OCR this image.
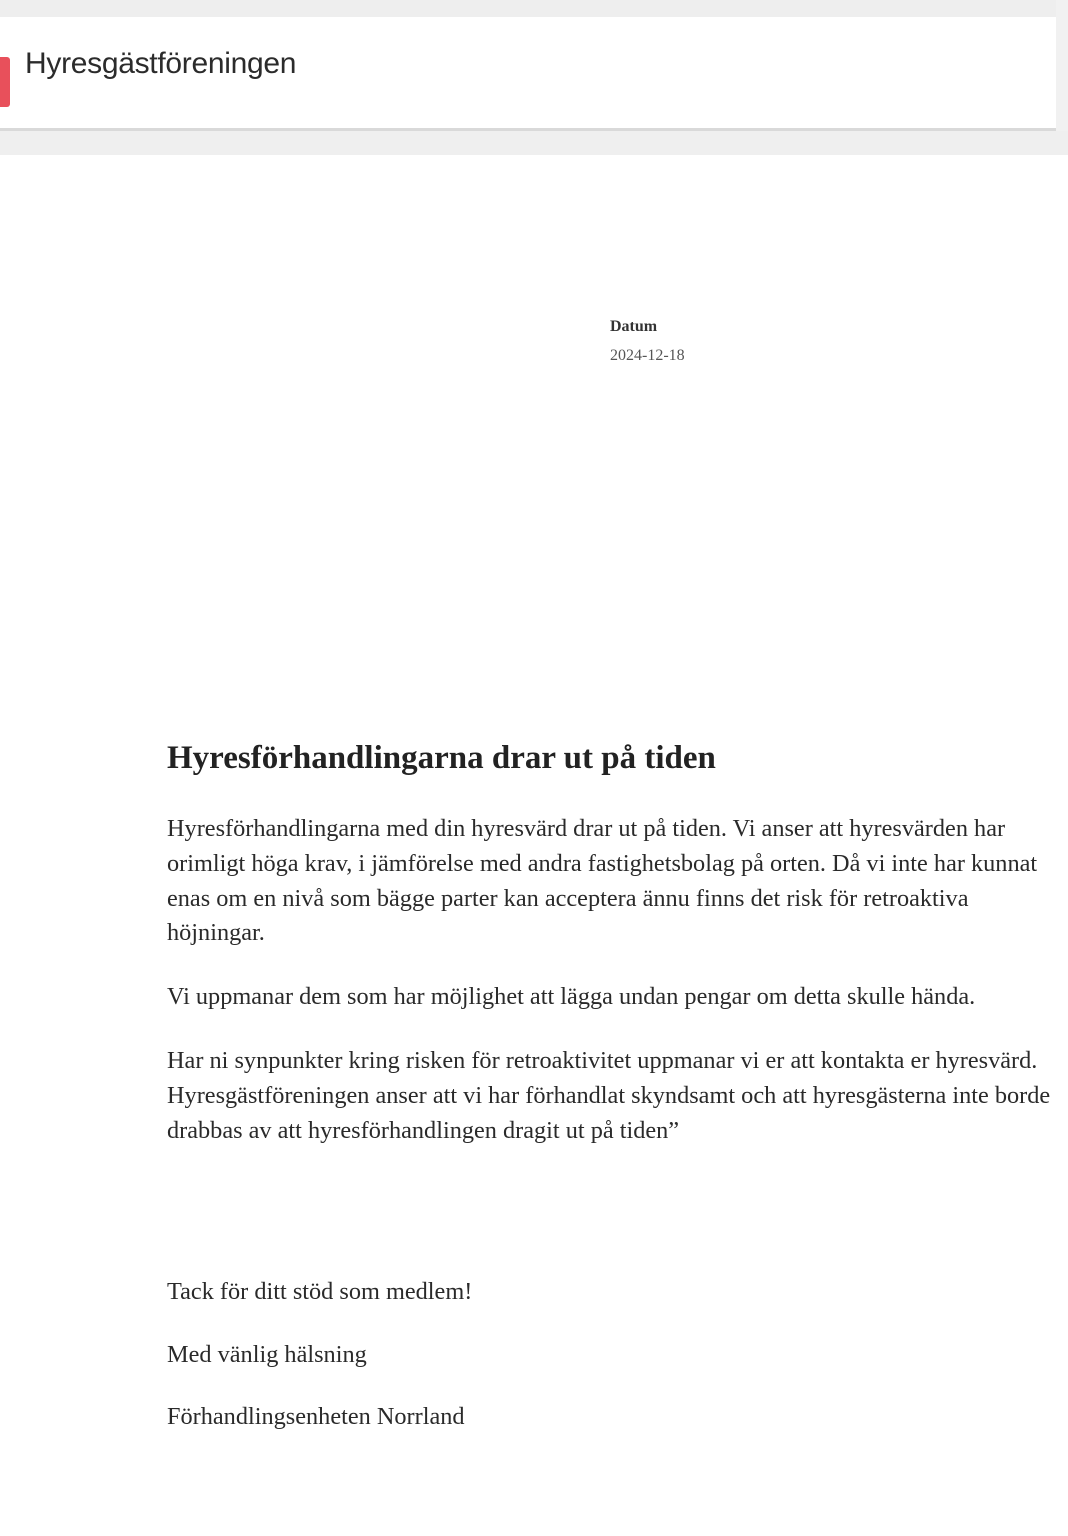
Hyresgästföreningen
Datum
2024-12-18
Hyresförhandlingarna drar ut på tiden

Hyresförhandlingarna med din hyresvärd drar ut på tiden. Vi anser att hyresvärden har orimligt höga krav, i jämförelse med andra fastighetsbolag på orten. Då vi inte har kunnat enas om en nivå som bägge parter kan acceptera ännu finns det risk för retroaktiva höjningar.

Vi uppmanar dem som har möjlighet att lägga undan pengar om detta skulle hända.

Har ni synpunkter kring risken för retroaktivitet uppmanar vi er att kontakta er hyresvärd. Hyresgästföreningen anser att vi har förhandlat skyndsamt och att hyresgästerna inte borde drabbas av att hyresförhandlingen dragit ut på tiden”

Tack för ditt stöd som medlem!
Med vänlig hälsning
Förhandlingsenheten Norrland
